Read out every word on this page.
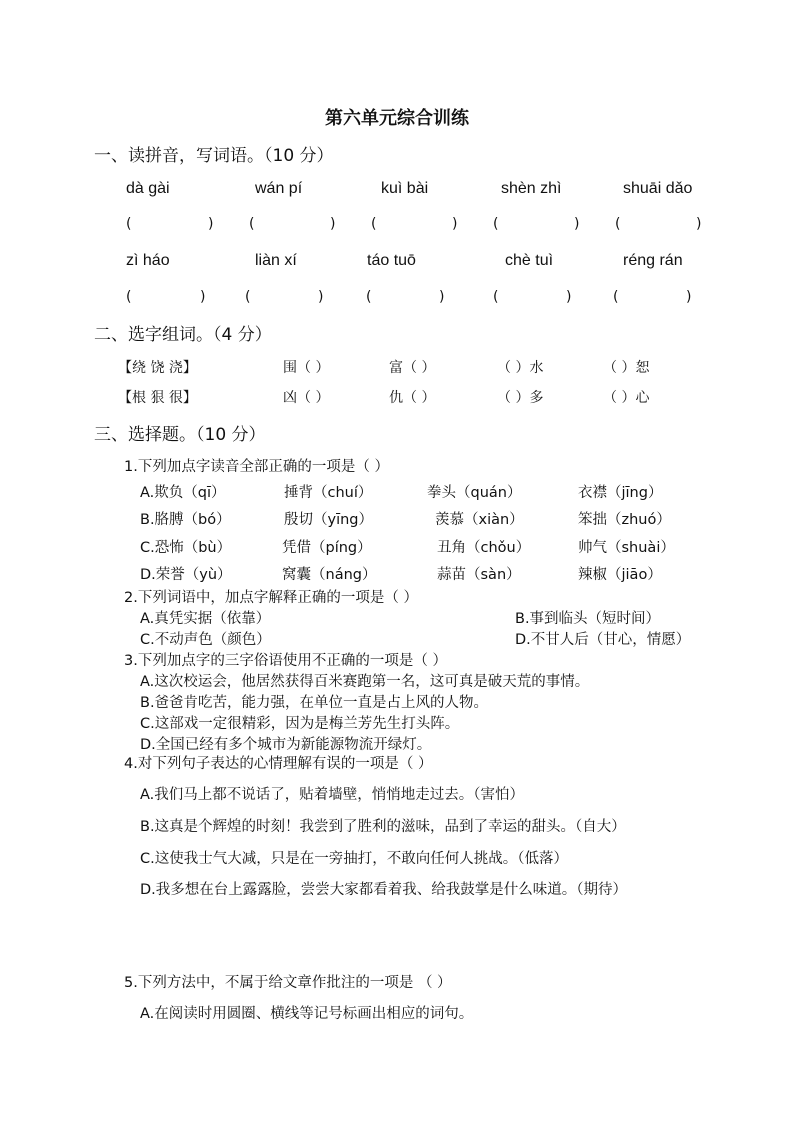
第六单元综合训练
一、读拼音，写词语。（10 分）
dà gài	wán pí	kuì bài	shèn zhì	shuāi dǎo
(	)	(	)	(	)	(	)	(	)
zì háo	liàn xí	táo tuō	chè tuì	réng rán
(	)	(	)	(	)	(	)	(	)
二、选字组词。（4 分）
【绕 饶 浇】	围（ ）	富（ ）	（ ）水	（ ）恕
【根 狠 很】	凶（ ）	仇（ ）	（ ）多	（ ）心
三、选择题。（10 分）
1.下列加点字读音全部正确的一项是（ ）
A.欺负（qī）	捶背（chuí）	拳头（quán）	衣襟（jīng）
B.胳膊（bó）	殷切（yīng）	羡慕（xiàn）	笨拙（zhuó）
C.恐怖（bù）	凭借（píng）	丑角（chǒu）	帅气（shuài）
D.荣誉（yù）	窝囊（náng）	蒜苗（sàn）	辣椒（jiāo）
2.下列词语中，加点字解释正确的一项是（ ）
A.真凭实据（依靠）	B.事到临头（短时间）
C.不动声色（颜色）	D.不甘人后（甘心，情愿）
3.下列加点字的三字俗语使用不正确的一项是（ ）
A.这次校运会，他居然获得百米赛跑第一名，这可真是破天荒的事情。
B.爸爸肯吃苦，能力强，在单位一直是占上风的人物。
C.这部戏一定很精彩，因为是梅兰芳先生打头阵。
D.全国已经有多个城市为新能源物流开绿灯。
4.对下列句子表达的心情理解有误的一项是（ ）
A.我们马上都不说话了，贴着墙壁，悄悄地走过去。（害怕）
B.这真是个辉煌的时刻！我尝到了胜利的滋味，品到了幸运的甜头。（自大）
C.这使我士气大减，只是在一旁抽打，不敢向任何人挑战。（低落）
D.我多想在台上露露脸，尝尝大家都看着我、给我鼓掌是什么味道。（期待）
5.下列方法中，不属于给文章作批注的一项是 （ ）
A.在阅读时用圆圈、横线等记号标画出相应的词句。
